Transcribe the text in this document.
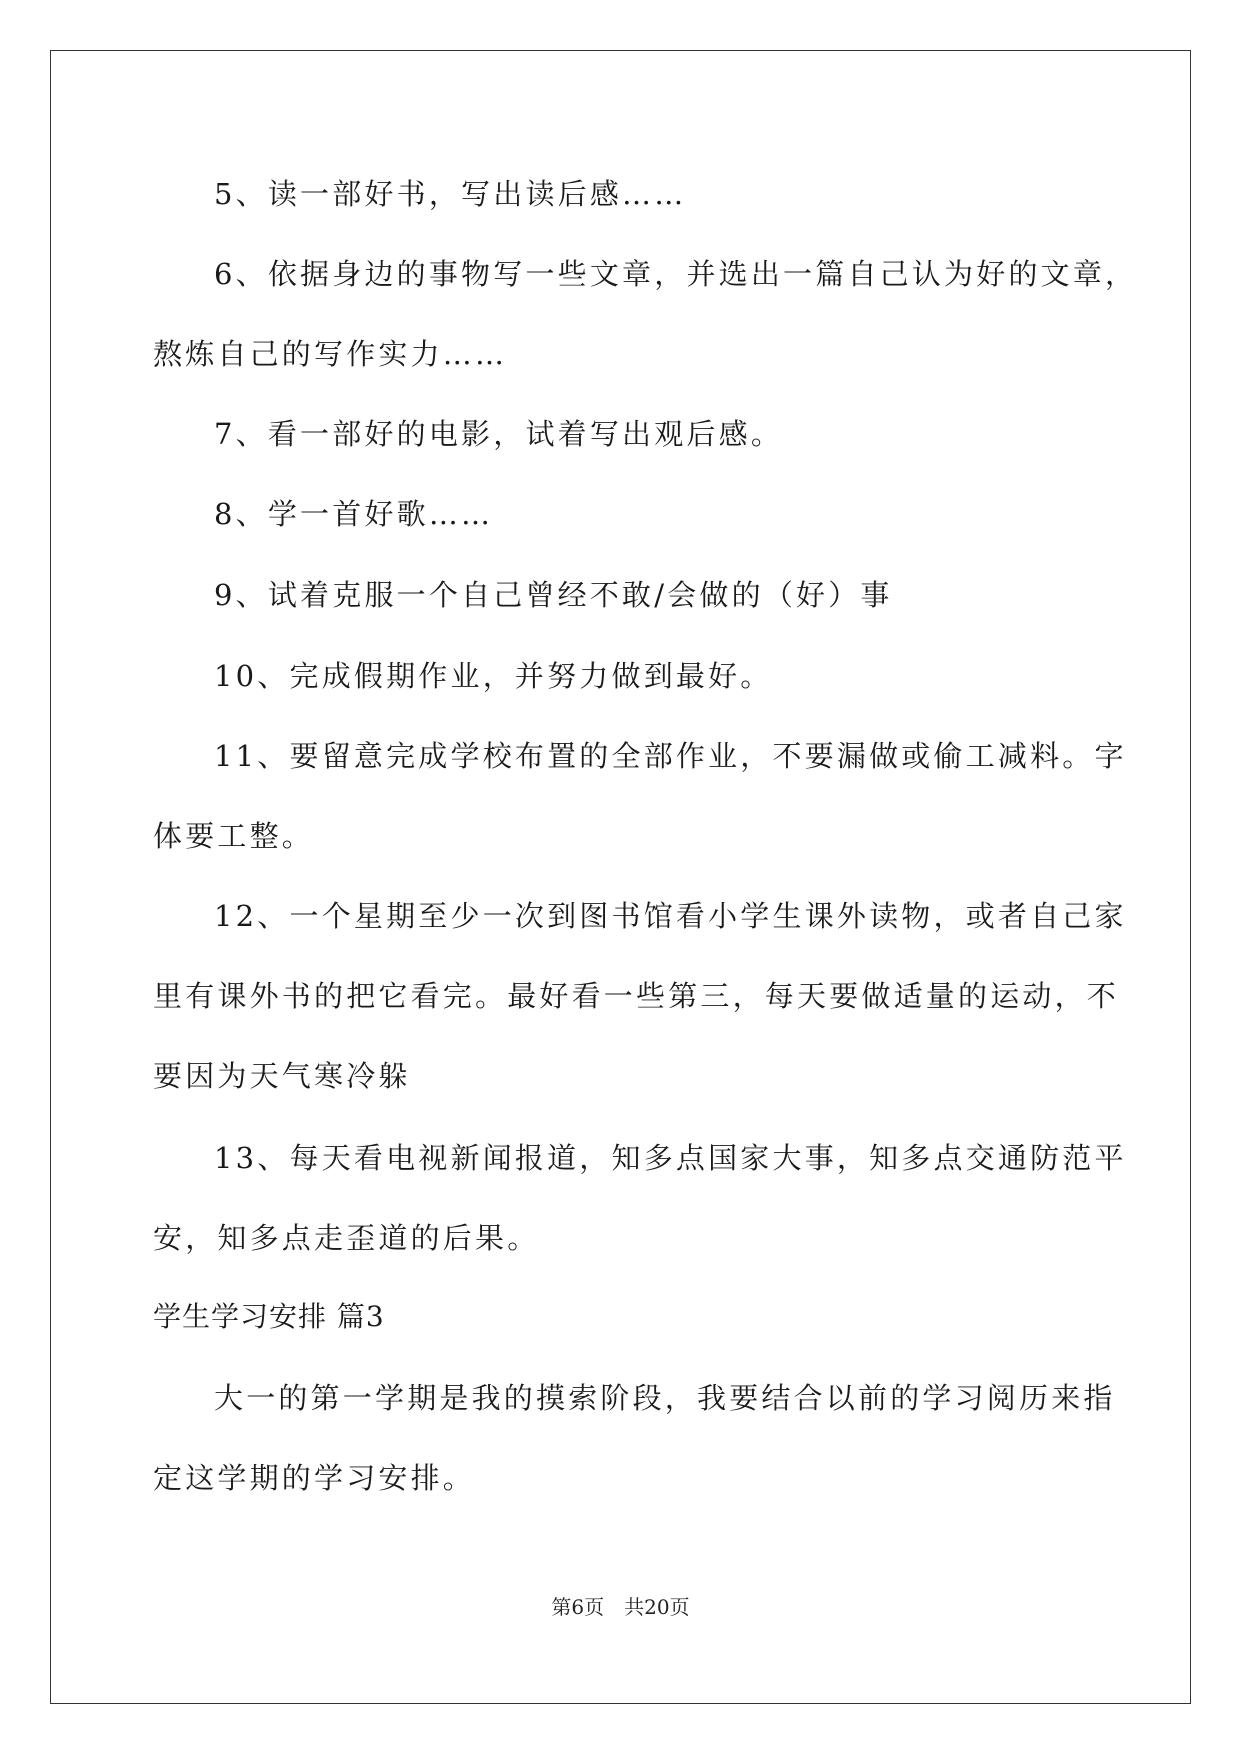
5、读一部好书，写出读后感……
6、依据身边的事物写一些文章，并选出一篇自己认为好的文章，
熬炼自己的写作实力……
7、看一部好的电影，试着写出观后感。
8、学一首好歌……
9、试着克服一个自己曾经不敢/会做的（好）事
10、完成假期作业，并努力做到最好。
11、要留意完成学校布置的全部作业，不要漏做或偷工减料。字
体要工整。
12、一个星期至少一次到图书馆看小学生课外读物，或者自己家
里有课外书的把它看完。最好看一些第三，每天要做适量的运动，不
要因为天气寒冷躲
13、每天看电视新闻报道，知多点国家大事，知多点交通防范平
安，知多点走歪道的后果。
学生学习安排 篇3
大一的第一学期是我的摸索阶段，我要结合以前的学习阅历来指
定这学期的学习安排。
第6页　共20页
